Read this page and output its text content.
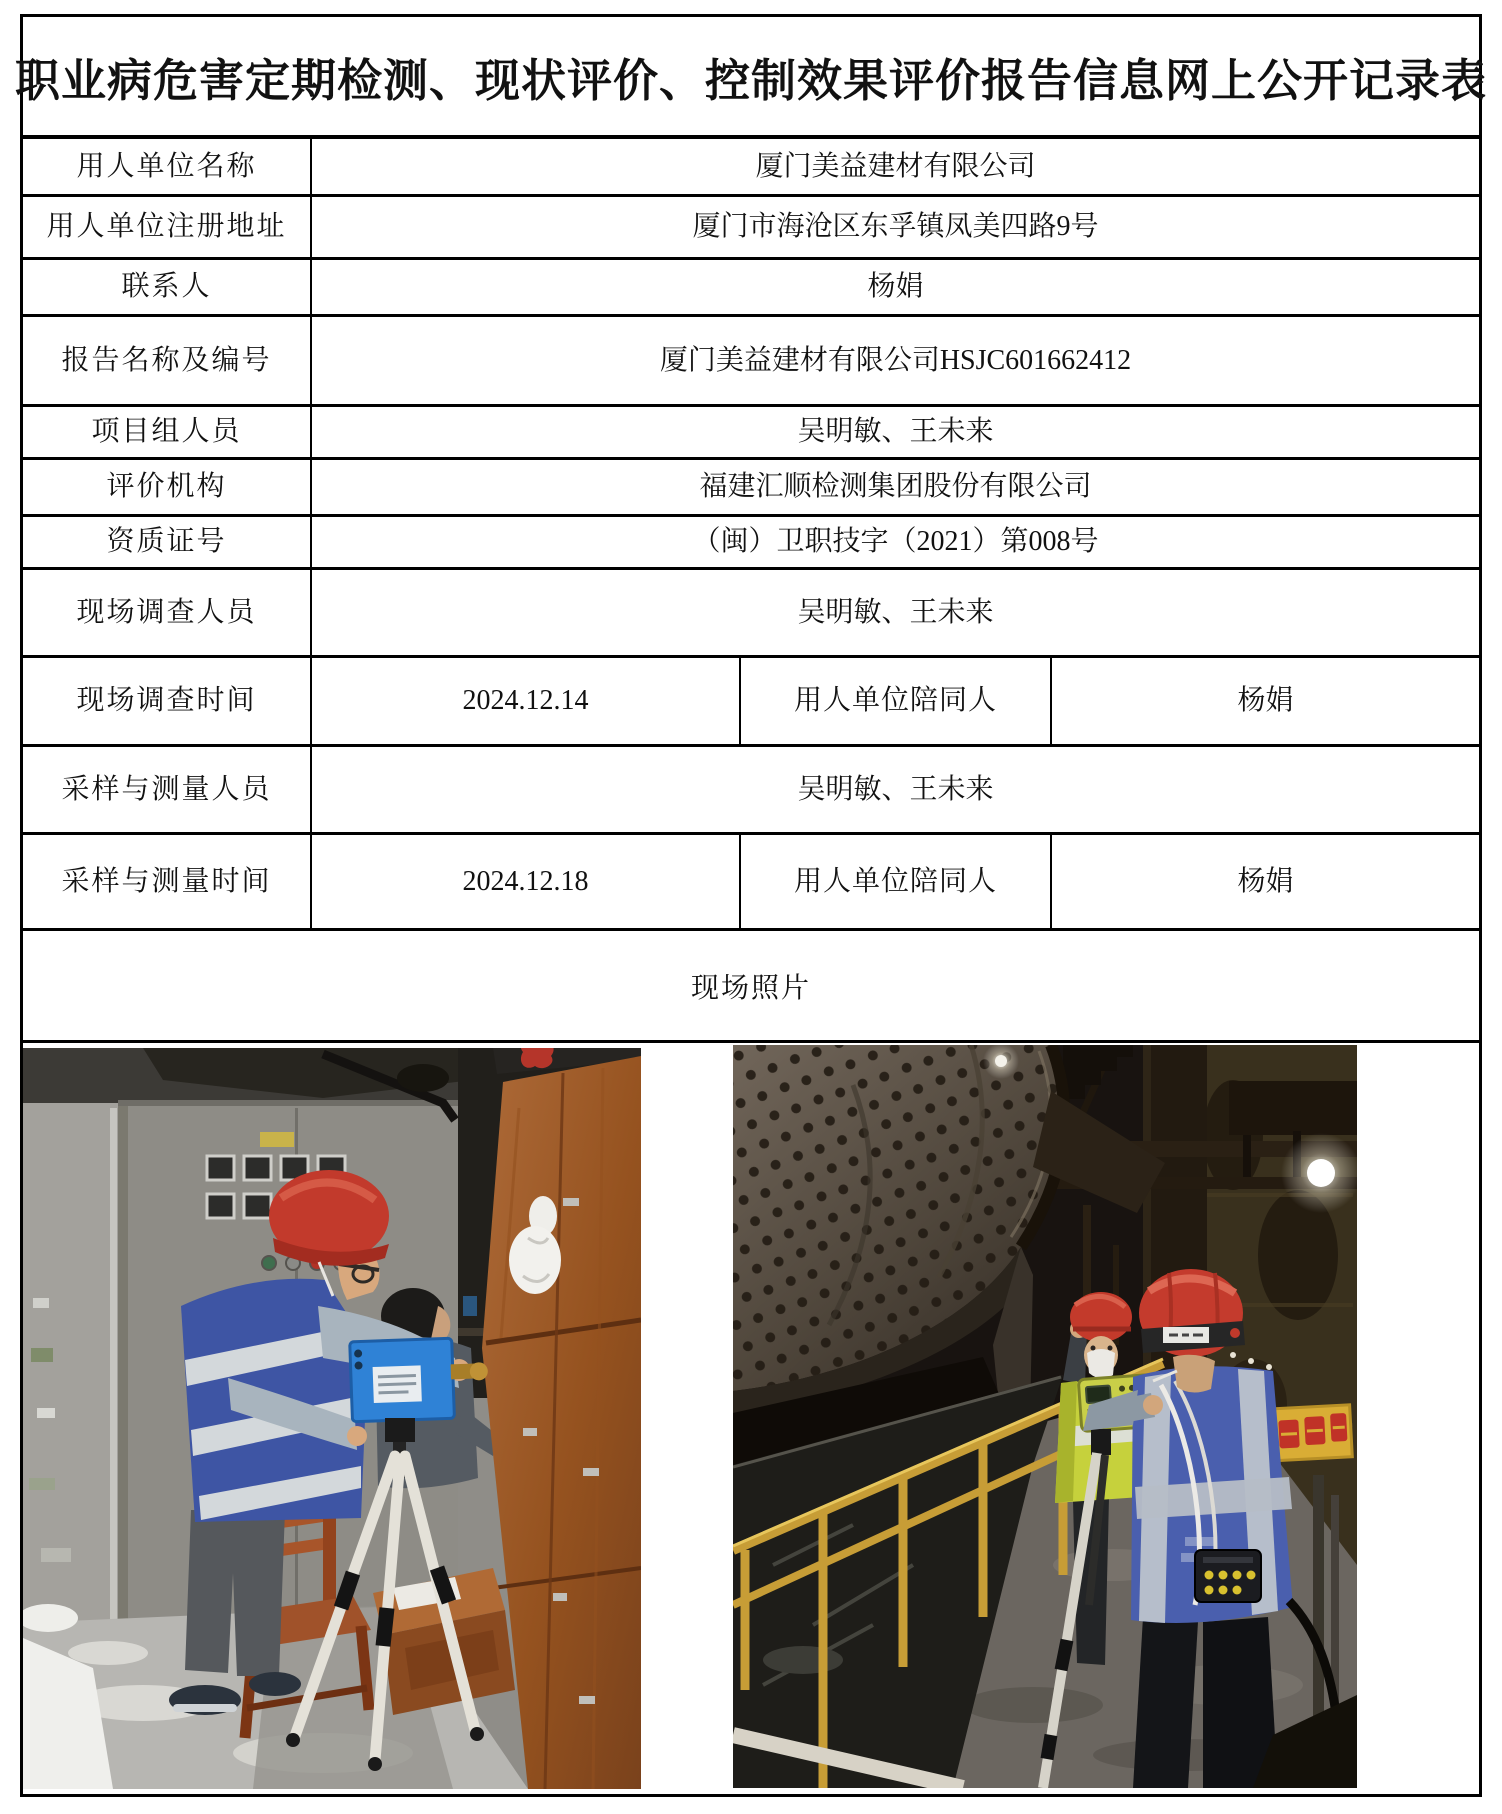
职业病危害定期检测、现状评价、控制效果评价报告信息网上公开记录表
用人单位名称	厦门美益建材有限公司
用人单位注册地址	厦门市海沧区东孚镇凤美四路9号
联系人	杨娟
报告名称及编号	厦门美益建材有限公司HSJC601662412
项目组人员	吴明敏、王未来
评价机构	福建汇顺检测集团股份有限公司
资质证号	（闽）卫职技字（2021）第008号
现场调查人员	吴明敏、王未来
现场调查时间	2024.12.14	用人单位陪同人	杨娟
采样与测量人员	吴明敏、王未来
采样与测量时间	2024.12.18	用人单位陪同人	杨娟
现场照片
